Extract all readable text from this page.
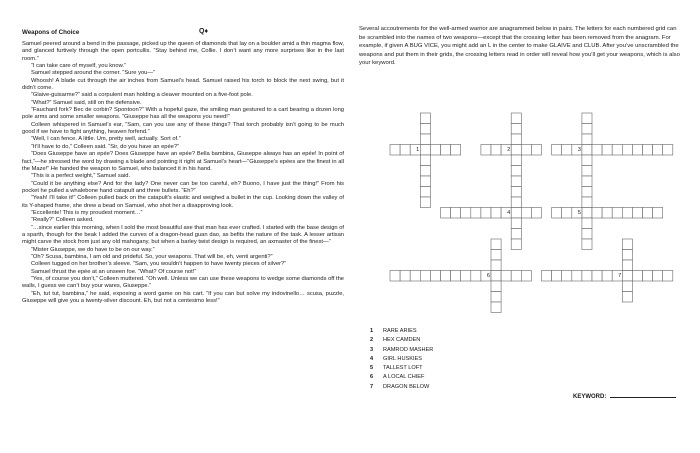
Weapons of Choice	Q♦

Samuel peered around a bend in the passage, picked up the queen of diamonds that lay on a boulder amid a thin magma flow, and glanced furtively through the open portcullis. “Stay behind me, Collie. I don’t want any more surprises like in the last room.”

“I can take care of myself, you know.”

Samuel stepped around the corner. “Sure you—”

Whoosh! A blade cut through the air inches from Samuel’s head. Samuel raised his torch to block the next swing, but it didn’t come.

“Glaive-guisarme?” said a corpulent man holding a cleaver mounted on a five-foot pole.

“What?” Samuel said, still on the defensive.

“Fauchard fork? Bec de corbin? Spontoon?” With a hopeful gaze, the smiling man gestured to a cart bearing a dozen long pole arms and some smaller weapons. “Giuseppe has all the weapons you need!”

Colleen whispered in Samuel’s ear, “Sam, can you use any of these things? That torch probably isn’t going to be much good if we have to fight anything, heaven forfend.”

“Well, I can fence. A little. Um, pretty well, actually. Sort of.”

“It’ll have to do,” Colleen said. “Sir, do you have an epée?”

“Does Giuseppe have an epée? Does Giuseppe have an epée? Bella bambina, Giuseppe always has an epée! In point of fact,”—he stressed the word by drawing a blade and pointing it right at Samuel’s heart—“Giuseppe’s epées are the finest in all the Maze!” He handed the weapon to Samuel, who balanced it in his hand.

“This is a perfect weight,” Samuel said.

“Could it be anything else? And for the lady? One never can be too careful, eh? Buono, I have just the thing!” From his pocket he pulled a whalebone hand catapult and three bullets. “Eh?”

“Yeah! I’ll take it!” Colleen pulled back on the catapult’s elastic and weighed a bullet in the cup. Looking down the valley of its Y-shaped frame, she drew a bead on Samuel, who shot her a disapproving look.

“Eccellente! This is my proudest moment…”

“Really?” Colleen asked.

“…since earlier this morning, when I sold the most beautiful axe that man has ever crafted. I started with the base design of a sparth, though for the beak I added the curves of a dragon-head guan dao, as befits the nature of the task. A lesser artisan might carve the stock from just any old mahogany, but when a barley twist design is required, an axmaster of the finest—”

“Mister Giuseppe, we do have to be on our way.”

“Oh? Scusa, bambina, I am old and prideful. So, your weapons. That will be, eh, venti argenti?”

Colleen tugged on her brother’s sleeve. “Sam, you wouldn’t happen to have twenty pieces of silver?”

Samuel thrust the epée at an unseen foe. “What? Of course not!”

“Yes, of course you don’t,” Colleen muttered. “Oh well. Unless we can use these weapons to wedge some diamonds off the walls, I guess we can’t buy your wares, Giuseppe.”

“Eh, tut tut, bambina,” he said, exposing a word game on his cart. “If you can but solve my indovinello… scusa, puzzle, Giuseppe will give you a twenty-silver discount. Eh, but not a centesimo less!”

Several accoutrements for the well-armed warrior are anagrammed below in pairs. The letters for each numbered grid can be scrambled into the names of two weapons—except that the crossing letter has been removed from the anagram. For example, if given A BUG VICE, you might add an L in the center to make GLAIVE and CLUB. After you’ve unscrambled the weapons and put them in their grids, the crossing letters read in order will reveal how you’ll get your weapons, which is also your keyword.

1	2	3
4	5
6	7
1 RARE ARIES
2 HEX CAMDEN
3 RAMROD MASHER
4 GIRL HUSKIES
5 TALLEST LOFT
6 A LOCAL CHIEF
7 DRAGON BELOW
KEYWORD:
